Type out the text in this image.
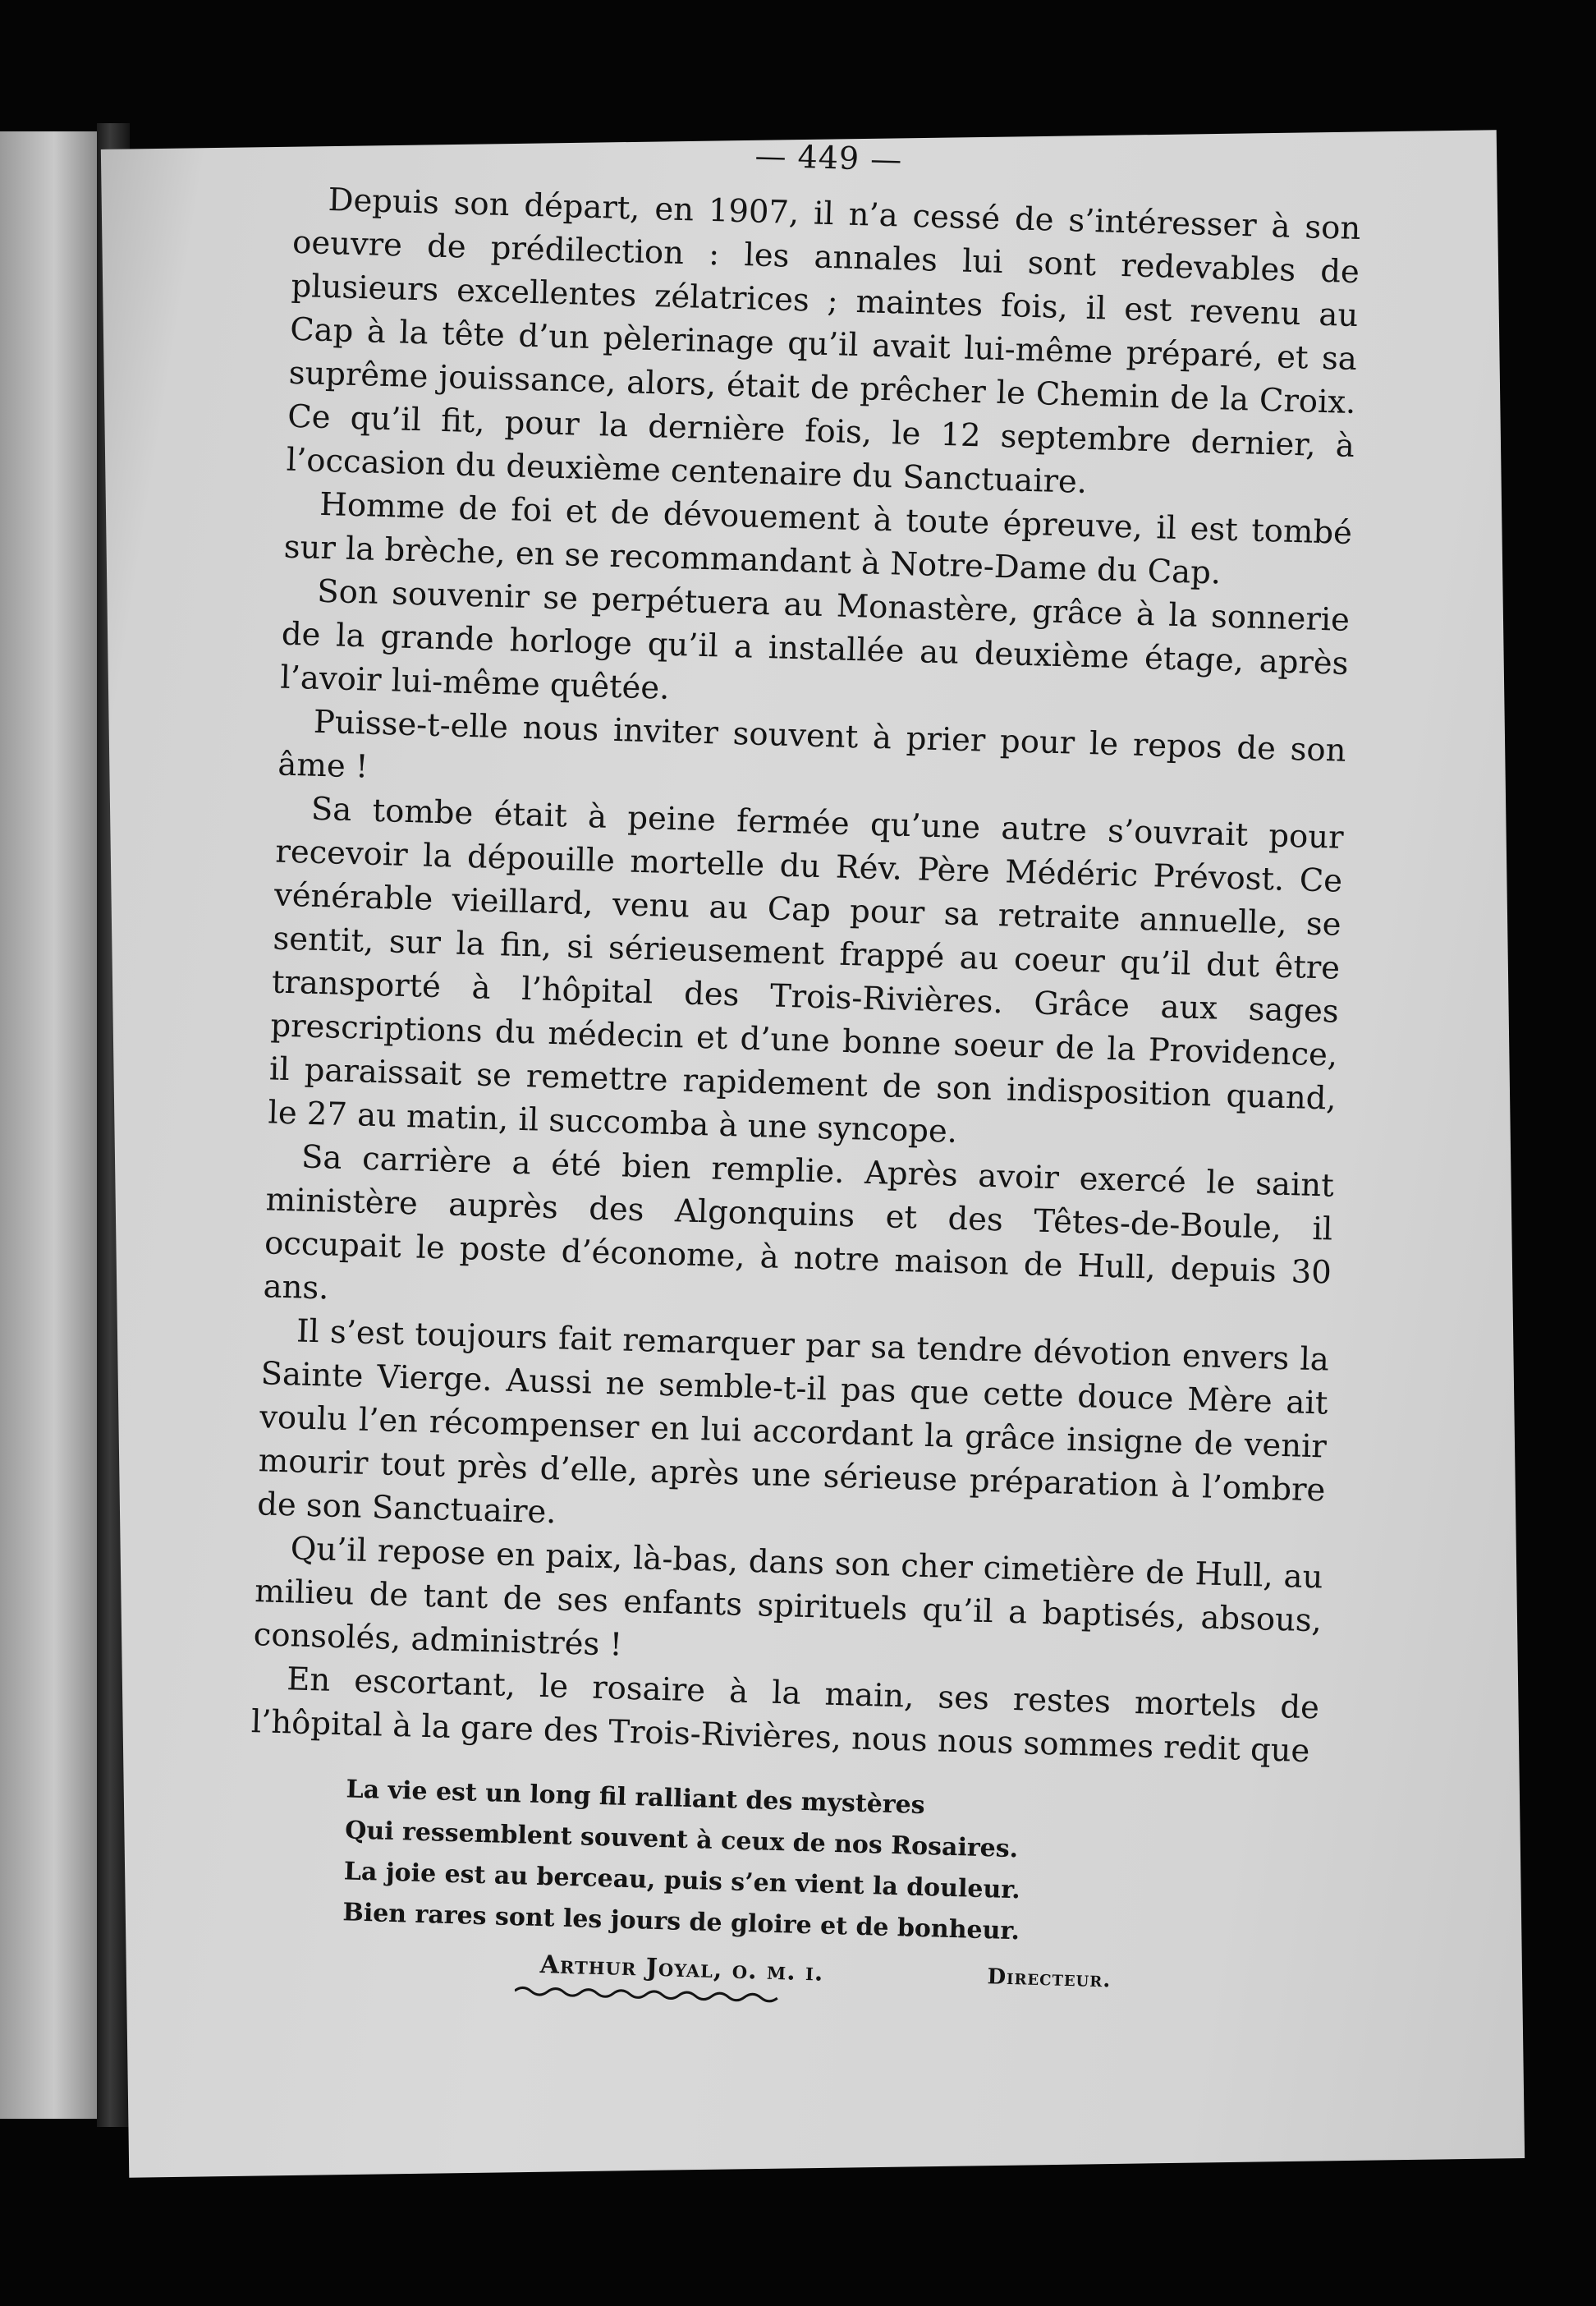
— 449 —

Depuis son départ, en 1907, il n’a cessé de s’intéresser à son oeuvre de prédilection : les annales lui sont redevables de plusieurs excellentes zélatrices ; maintes fois, il est revenu au Cap à la tête d’un pèlerinage qu’il avait lui-même préparé, et sa suprême jouissance, alors, était de prêcher le Chemin de la Croix. Ce qu’il fit, pour la dernière fois, le 12 septembre dernier, à l’occasion du deuxième centenaire du Sanctuaire.

Homme de foi et de dévouement à toute épreuve, il est tombé sur la brèche, en se recommandant à Notre-Dame du Cap.

Son souvenir se perpétuera au Monastère, grâce à la sonnerie de la grande horloge qu’il a installée au deuxième étage, après l’avoir lui-même quêtée.

Puisse-t-elle nous inviter souvent à prier pour le repos de son âme !

Sa tombe était à peine fermée qu’une autre s’ouvrait pour recevoir la dépouille mortelle du Rév. Père Médéric Prévost. Ce vénérable vieillard, venu au Cap pour sa retraite annuelle, se sentit, sur la fin, si sérieusement frappé au coeur qu’il dut être transporté à l’hôpital des Trois-Rivières. Grâce aux sages prescriptions du médecin et d’une bonne soeur de la Providence, il paraissait se remettre rapidement de son indisposition quand, le 27 au matin, il succomba à une syncope.

Sa carrière a été bien remplie. Après avoir exercé le saint ministère auprès des Algonquins et des Têtes-de-Boule, il occupait le poste d’économe, à notre maison de Hull, depuis 30 ans.

Il s’est toujours fait remarquer par sa tendre dévotion envers la Sainte Vierge. Aussi ne semble-t-il pas que cette douce Mère ait voulu l’en récompenser en lui accordant la grâce insigne de venir mourir tout près d’elle, après une sérieuse préparation à l’ombre de son Sanctuaire.

Qu’il repose en paix, là-bas, dans son cher cimetière de Hull, au milieu de tant de ses enfants spirituels qu’il a baptisés, absous, consolés, administrés !

En escortant, le rosaire à la main, ses restes mortels de l’hôpital à la gare des Trois-Rivières, nous nous sommes redit que

La vie est un long fil ralliant des mystères
Qui ressemblent souvent à ceux de nos Rosaires.
La joie est au berceau, puis s’en vient la douleur.
Bien rares sont les jours de gloire et de bonheur.
Arthur Joyal, o. m. i.	Directeur.
